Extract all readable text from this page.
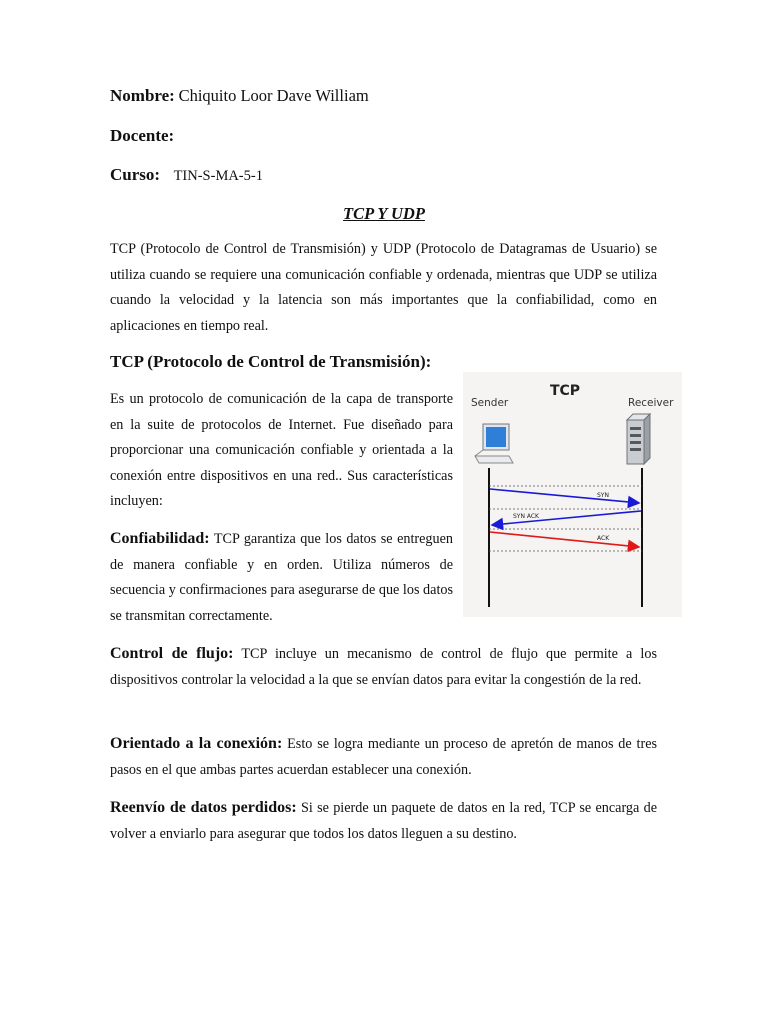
Nombre: Chiquito Loor Dave William
Docente:
Curso: TIN-S-MA-5-1
TCP Y UDP

TCP (Protocolo de Control de Transmisión) y UDP (Protocolo de Datagramas de Usuario) se utiliza cuando se requiere una comunicación confiable y ordenada, mientras que UDP se utiliza cuando la velocidad y la latencia son más importantes que la confiabilidad, como en aplicaciones en tiempo real.

TCP (Protocolo de Control de Transmisión):

Es un protocolo de comunicación de la capa de transporte en la suite de protocolos de Internet. Fue diseñado para proporcionar una comunicación confiable y orientada a la conexión entre dispositivos en una red.. Sus características incluyen:

Confiabilidad: TCP garantiza que los datos se entreguen de manera confiable y en orden. Utiliza números de secuencia y confirmaciones para asegurarse de que los datos se transmitan correctamente.

Control de flujo: TCP incluye un mecanismo de control de flujo que permite a los dispositivos controlar la velocidad a la que se envían datos para evitar la congestión de la red.

Orientado a la conexión: Esto se logra mediante un proceso de apretón de manos de tres pasos en el que ambas partes acuerdan establecer una conexión.

Reenvío de datos perdidos: Si se pierde un paquete de datos en la red, TCP se encarga de volver a enviarlo para asegurar que todos los datos lleguen a su destino.

TCP
Sender	Receiver
SYN
SYN ACK
ACK
